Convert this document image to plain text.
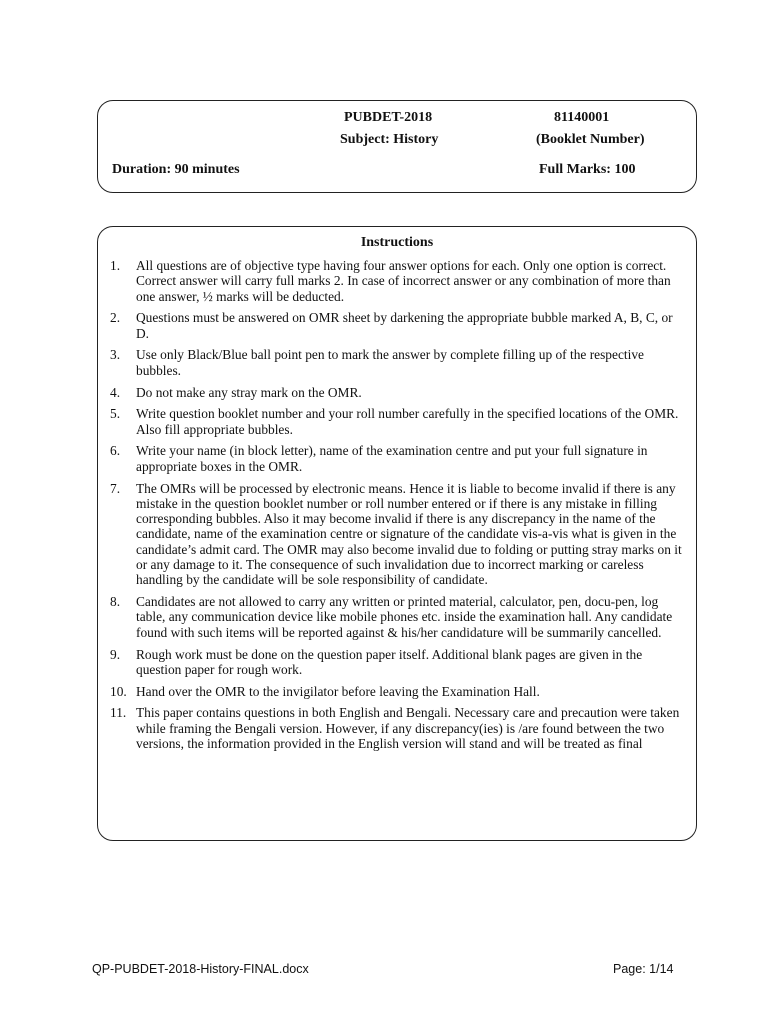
PUBDET-2018	81140001
Subject: History	(Booklet Number)
Duration: 90 minutes	Full Marks: 100
Instructions
1.	All questions are of objective type having four answer options for each. Only one option is correct. Correct answer will carry full marks 2. In case of incorrect answer or any combination of more than one answer, ½ marks will be deducted.
2.	Questions must be answered on OMR sheet by darkening the appropriate bubble marked A, B, C, or D.
3.	Use only Black/Blue ball point pen to mark the answer by complete filling up of the respective bubbles.
4.	Do not make any stray mark on the OMR.
5.	Write question booklet number and your roll number carefully in the specified locations of the OMR. Also fill appropriate bubbles.
6.	Write your name (in block letter), name of the examination centre and put your full signature in appropriate boxes in the OMR.
7.	The OMRs will be processed by electronic means. Hence it is liable to become invalid if there is any mistake in the question booklet number or roll number entered or if there is any mistake in filling corresponding bubbles. Also it may become invalid if there is any discrepancy in the name of the candidate, name of the examination centre or signature of the candidate vis-a-vis what is given in the candidate’s admit card. The OMR may also become invalid due to folding or putting stray marks on it or any damage to it. The consequence of such invalidation due to incorrect marking or careless handling by the candidate will be sole responsibility of candidate.
8.	Candidates are not allowed to carry any written or printed material, calculator, pen, docu-pen, log table, any communication device like mobile phones etc. inside the examination hall. Any candidate found with such items will be reported against & his/her candidature will be summarily cancelled.
9.	Rough work must be done on the question paper itself. Additional blank pages are given in the question paper for rough work.
10. Hand over the OMR to the invigilator before leaving the Examination Hall.
11. This paper contains questions in both English and Bengali. Necessary care and precaution were taken while framing the Bengali version. However, if any discrepancy(ies) is /are found between the two versions, the information provided in the English version will stand and will be treated as final
QP-PUBDET-2018-History-FINAL.docx	Page: 1/14
